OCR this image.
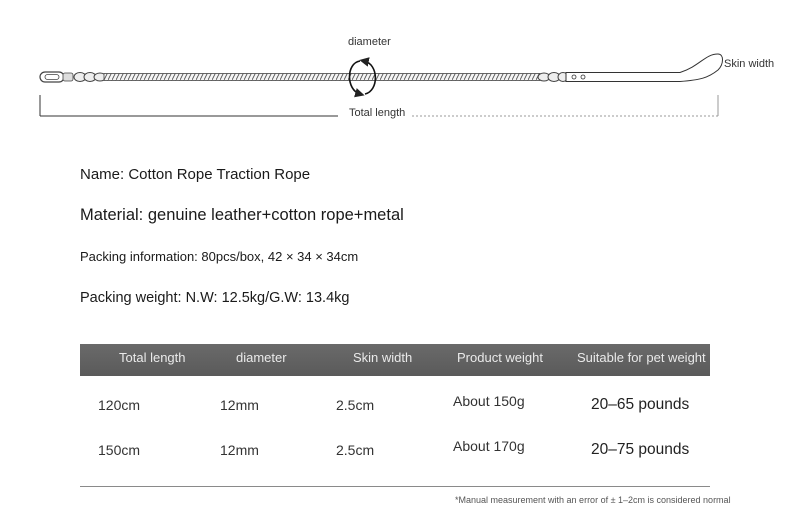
diameter
Skin width
Total length
Name: Cotton Rope Traction Rope
Material: genuine leather+cotton rope+metal
Packing information: 80pcs/box, 42 × 34 × 34cm
Packing weight: N.W: 12.5kg/G.W: 13.4kg
Total length	diameter	Skin width	Product weight	Suitable for pet weight
120cm	12mm	2.5cm	About 150g	20–65 pounds
150cm	12mm	2.5cm	About 170g	20–75 pounds
*Manual measurement with an error of ± 1–2cm is considered normal
